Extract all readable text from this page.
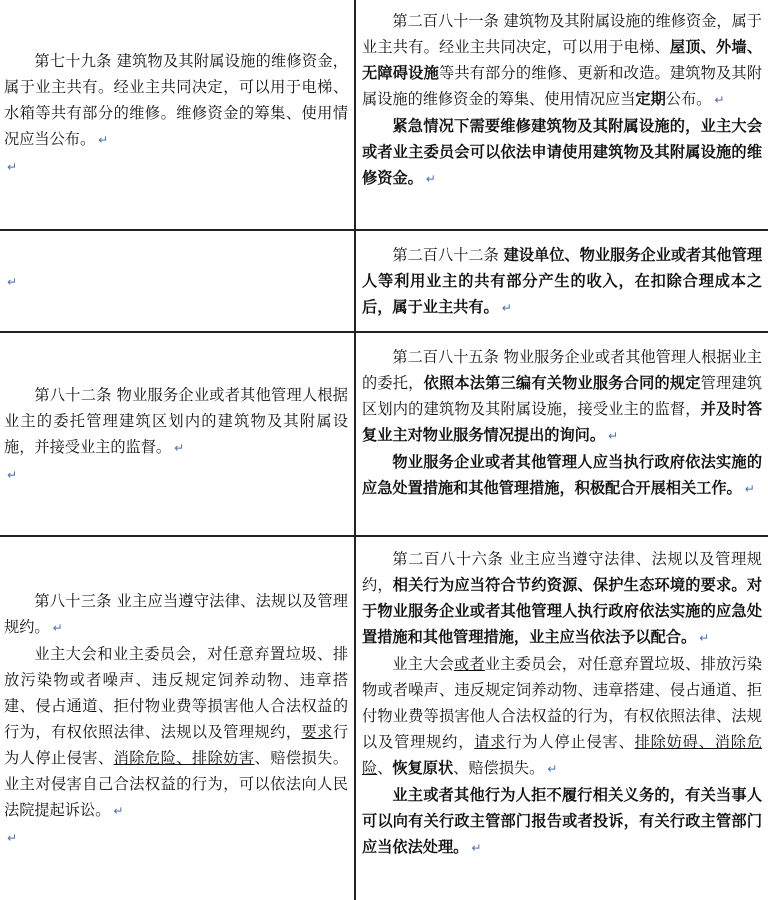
第七十九条 建筑物及其附属设施的维修资金，属于业主共有。经业主共同决定，可以用于电梯、水箱等共有部分的维修。维修资金的筹集、使用情况应当公布。 ↵

↵

第二百八十一条 建筑物及其附属设施的维修资金，属于业主共有。经业主共同决定，可以用于电梯、屋顶、外墙、无障碍设施等共有部分的维修、更新和改造。建筑物及其附属设施的维修资金的筹集、使用情况应当定期公布。 ↵

紧急情况下需要维修建筑物及其附属设施的，业主大会或者业主委员会可以依法申请使用建筑物及其附属设施的维修资金。 ↵

↵

第二百八十二条 建设单位、物业服务企业或者其他管理人等利用业主的共有部分产生的收入，在扣除合理成本之后，属于业主共有。 ↵

第八十二条 物业服务企业或者其他管理人根据业主的委托管理建筑区划内的建筑物及其附属设施，并接受业主的监督。 ↵

↵

第二百八十五条 物业服务企业或者其他管理人根据业主的委托，依照本法第三编有关物业服务合同的规定管理建筑区划内的建筑物及其附属设施，接受业主的监督，并及时答复业主对物业服务情况提出的询问。 ↵

物业服务企业或者其他管理人应当执行政府依法实施的应急处置措施和其他管理措施，积极配合开展相关工作。 ↵

第八十三条 业主应当遵守法律、法规以及管理规约。 ↵

业主大会和业主委员会，对任意弃置垃圾、排放污染物或者噪声、违反规定饲养动物、违章搭建、侵占通道、拒付物业费等损害他人合法权益的行为，有权依照法律、法规以及管理规约，要求行为人停止侵害、消除危险、排除妨害、赔偿损失。业主对侵害自己合法权益的行为，可以依法向人民法院提起诉讼。 ↵

↵

第二百八十六条 业主应当遵守法律、法规以及管理规约，相关行为应当符合节约资源、保护生态环境的要求。对于物业服务企业或者其他管理人执行政府依法实施的应急处置措施和其他管理措施，业主应当依法予以配合。 ↵

业主大会或者业主委员会，对任意弃置垃圾、排放污染物或者噪声、违反规定饲养动物、违章搭建、侵占通道、拒付物业费等损害他人合法权益的行为，有权依照法律、法规以及管理规约，请求行为人停止侵害、排除妨碍、消除危险、恢复原状、赔偿损失。 ↵

业主或者其他行为人拒不履行相关义务的，有关当事人可以向有关行政主管部门报告或者投诉，有关行政主管部门应当依法处理。 ↵
